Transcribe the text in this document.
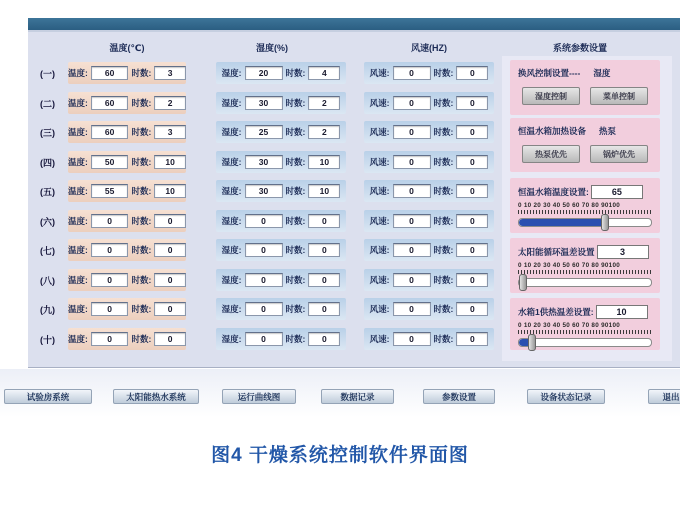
温度(℃)	湿度(%)	风速(HZ)	系统参数设置
(一)	温度:	60	时数:	3	湿度:	20	时数:	4	风速:	0	时数:	0
(二)	温度:	60	时数:	2	湿度:	30	时数:	2	风速:	0	时数:	0
(三)	温度:	60	时数:	3	湿度:	25	时数:	2	风速:	0	时数:	0
(四)	温度:	50	时数:	10	湿度:	30	时数:	10	风速:	0	时数:	0
(五)	温度:	55	时数:	10	湿度:	30	时数:	10	风速:	0	时数:	0
(六)	温度:	0	时数:	0	湿度:	0	时数:	0	风速:	0	时数:	0
(七)	温度:	0	时数:	0	湿度:	0	时数:	0	风速:	0	时数:	0
(八)	温度:	0	时数:	0	湿度:	0	时数:	0	风速:	0	时数:	0
(九)	温度:	0	时数:	0	湿度:	0	时数:	0	风速:	0	时数:	0
(十)	温度:	0	时数:	0	湿度:	0	时数:	0	风速:	0	时数:	0
换风控制设置---- 湿度
湿度控制	菜单控制
恒温水箱加热设备 热泵
热泵优先	锅炉优先
恒温水箱温度设置:	65
0 10 20 30 40 50 60 70 80 90100
太阳能循环温差设置	3
0 10 20 30 40 50 60 70 80 90100
水箱1供热温差设置:	10
0 10 20 30 40 50 60 70 80 90100
试验房系统	太阳能热水系统	运行曲线图	数据记录	参数设置	设备状态记录	退出
图4 干燥系统控制软件界面图
